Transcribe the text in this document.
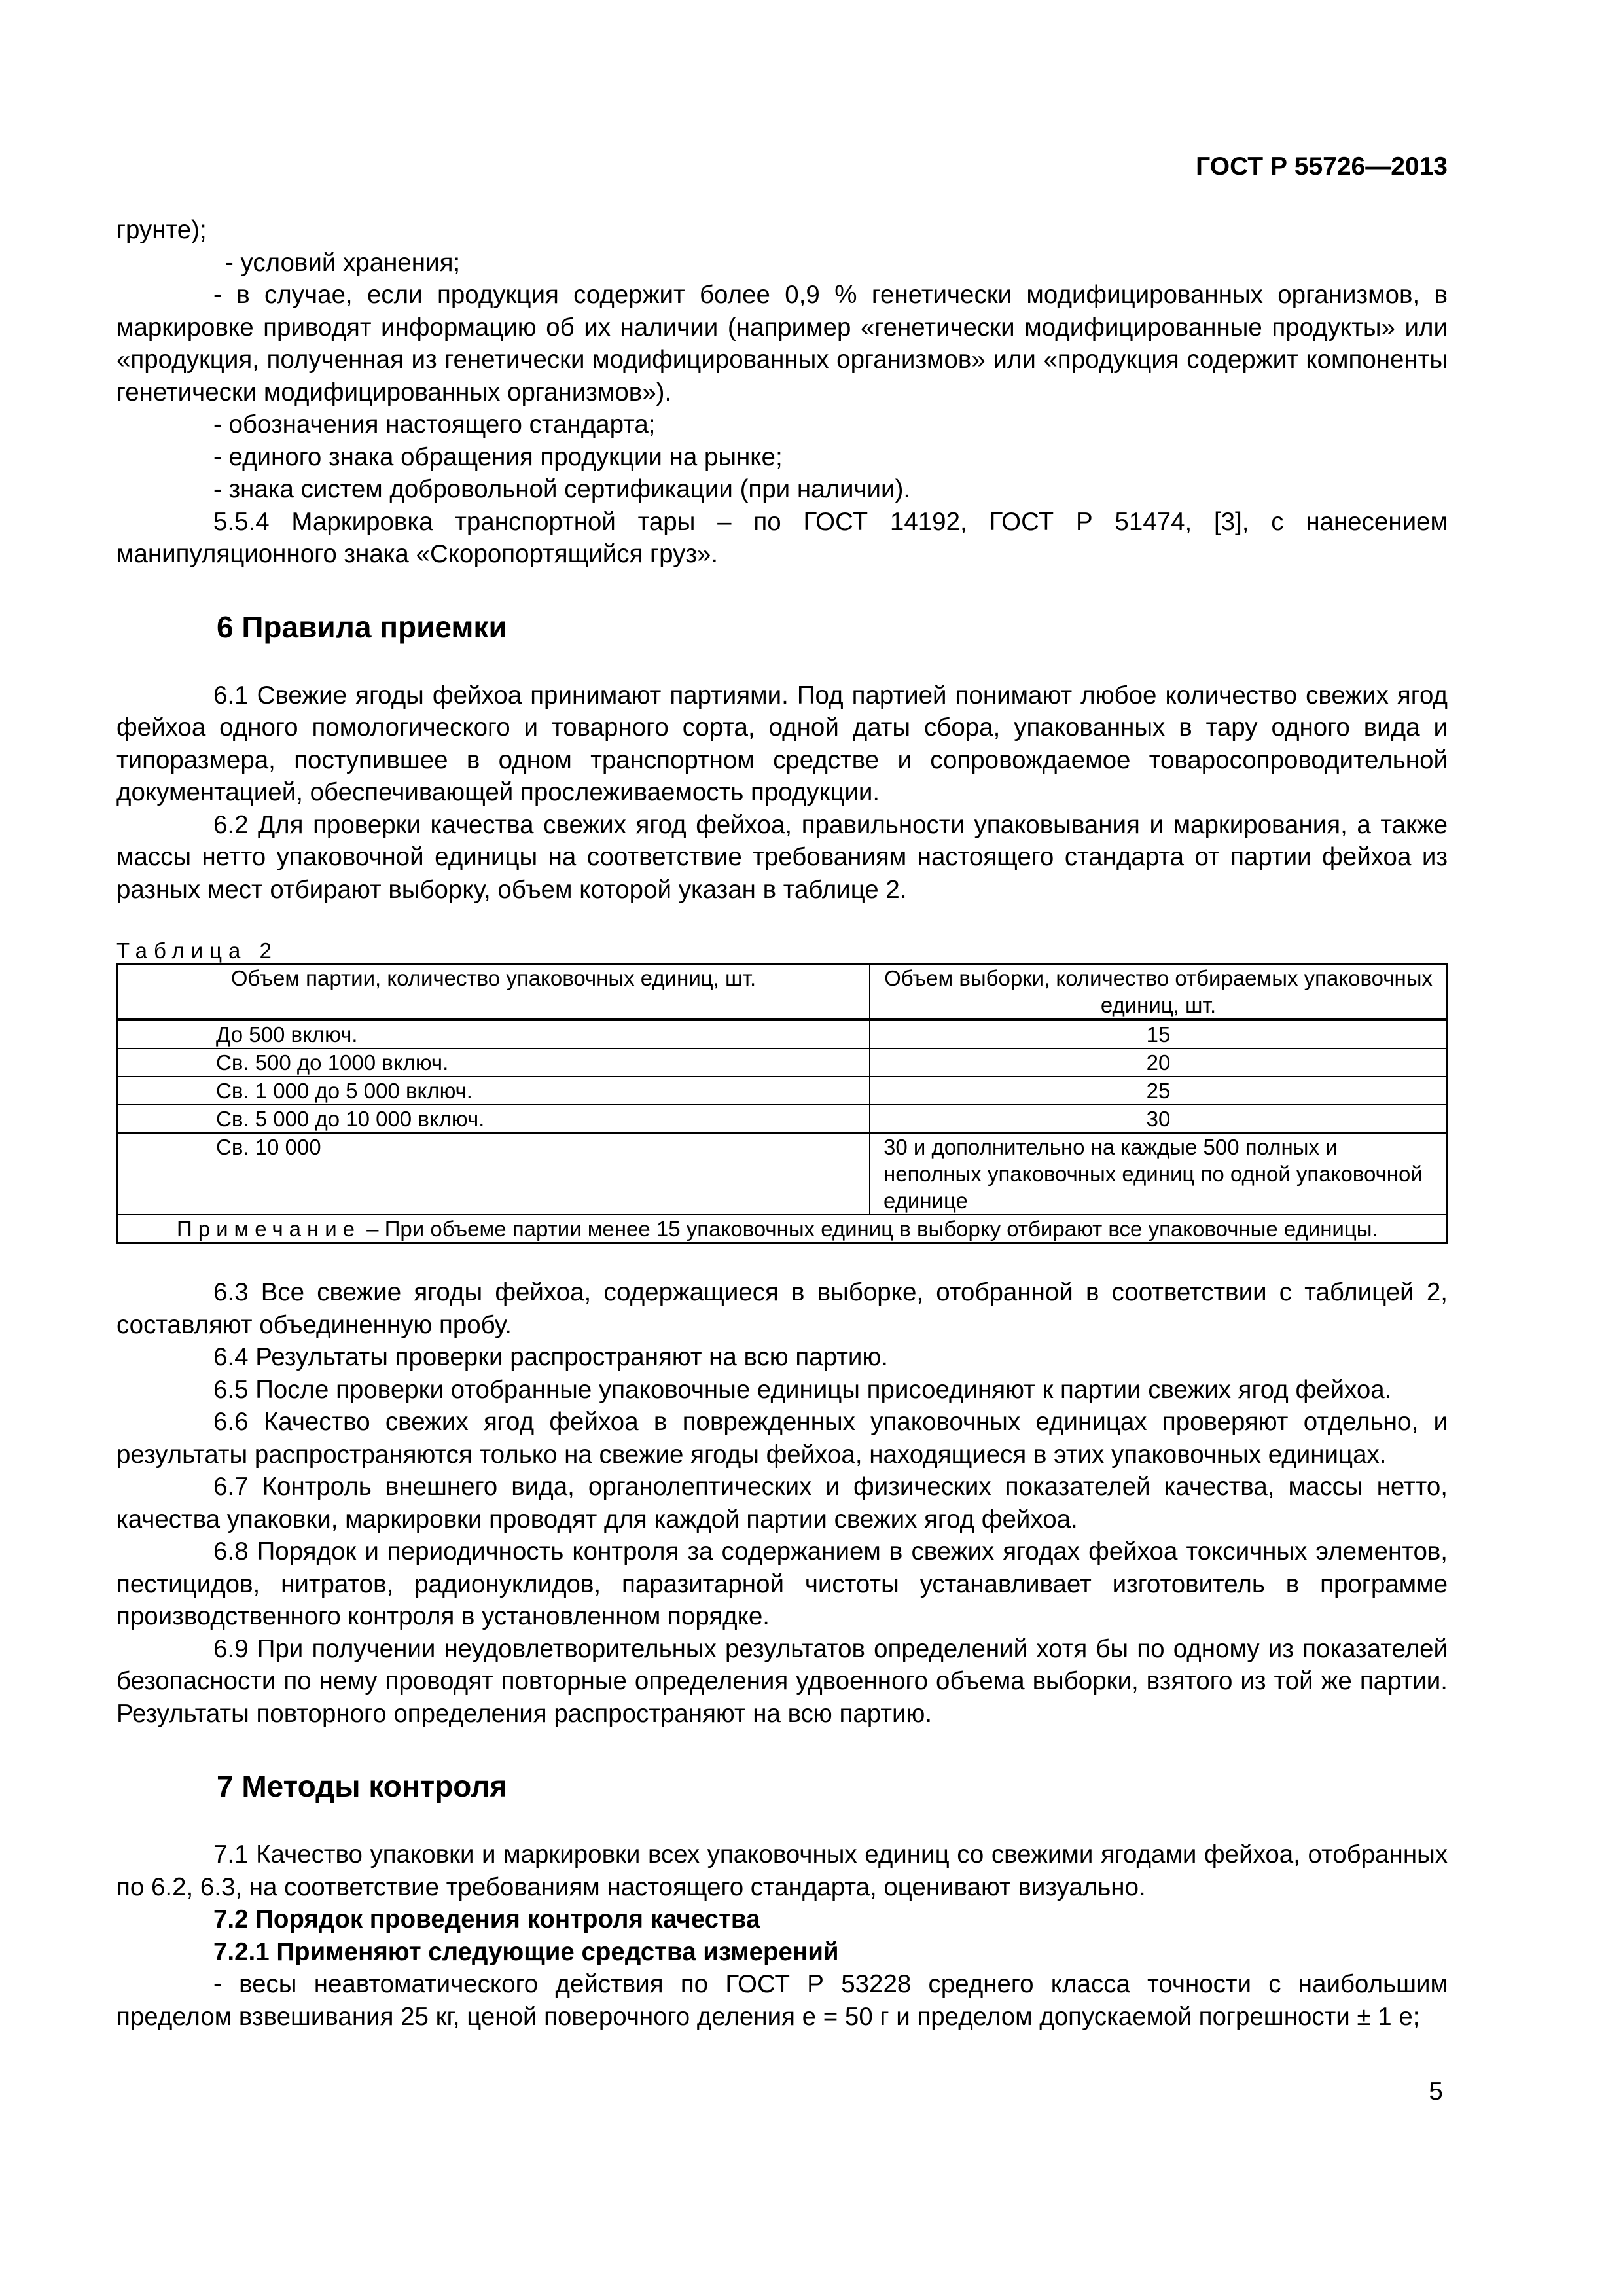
ГОСТ Р 55726—2013
грунте);
- условий хранения;
- в случае, если продукция содержит более 0,9 % генетически модифицированных организмов, в маркировке приводят информацию об их наличии (например «генетически модифицированные продукты» или «продукция, полученная из генетически модифицированных организмов» или «продукция содержит компоненты генетически модифицированных организмов»).
- обозначения настоящего стандарта;
- единого знака обращения продукции на рынке;
- знака систем добровольной сертификации (при наличии).
5.5.4 Маркировка транспортной тары – по ГОСТ 14192, ГОСТ Р 51474, [3], с нанесением манипуляционного знака «Скоропортящийся груз».
6 Правила приемки
6.1 Свежие ягоды фейхоа принимают партиями. Под партией понимают любое количество свежих ягод фейхоа одного помологического и товарного сорта, одной даты сбора, упакованных в тару одного вида и типоразмера, поступившее в одном транспортном средстве и сопровождаемое товаросопроводительной документацией, обеспечивающей прослеживаемость продукции.
6.2 Для проверки качества свежих ягод фейхоа, правильности упаковывания и маркирования, а также массы нетто упаковочной единицы на соответствие требованиям настоящего стандарта от партии фейхоа из разных мест отбирают выборку, объем которой указан в таблице 2.
Таблица 2
Объем партии, количество упаковочных единиц, шт.	Объем выборки, количество отбираемых упаковочных единиц, шт.
До 500 включ.	15
Св. 500 до 1000 включ.	20
Св. 1 000 до 5 000 включ.	25
Св. 5 000 до 10 000 включ.	30
Св. 10 000	30 и дополнительно на каждые 500 полных и неполных упаковочных единиц по одной упаковочной единице
Примечание – При объеме партии менее 15 упаковочных единиц в выборку отбирают все упаковочные единицы.	
6.3 Все свежие ягоды фейхоа, содержащиеся в выборке, отобранной в соответствии с таблицей 2, составляют объединенную пробу.
6.4 Результаты проверки распространяют на всю партию.
6.5 После проверки отобранные упаковочные единицы присоединяют к партии свежих ягод фейхоа.
6.6 Качество свежих ягод фейхоа в поврежденных упаковочных единицах проверяют отдельно, и результаты распространяются только на свежие ягоды фейхоа, находящиеся в этих упаковочных единицах.
6.7 Контроль внешнего вида, органолептических и физических показателей качества, массы нетто, качества упаковки, маркировки проводят для каждой партии свежих ягод фейхоа.
6.8 Порядок и периодичность контроля за содержанием в свежих ягодах фейхоа токсичных элементов, пестицидов, нитратов, радионуклидов, паразитарной чистоты устанавливает изготовитель в программе производственного контроля в установленном порядке.
6.9 При получении неудовлетворительных результатов определений хотя бы по одному из показателей безопасности по нему проводят повторные определения удвоенного объема выборки, взятого из той же партии. Результаты повторного определения распространяют на всю партию.
7 Методы контроля
7.1 Качество упаковки и маркировки всех упаковочных единиц со свежими ягодами фейхоа, отобранных по 6.2, 6.3, на соответствие требованиям настоящего стандарта, оценивают визуально.
7.2 Порядок проведения контроля качества
7.2.1 Применяют следующие средства измерений
- весы неавтоматического действия по ГОСТ Р 53228 среднего класса точности с наибольшим пределом взвешивания 25 кг, ценой поверочного деления e = 50 г и пределом допускаемой погрешности ± 1 e;
5
